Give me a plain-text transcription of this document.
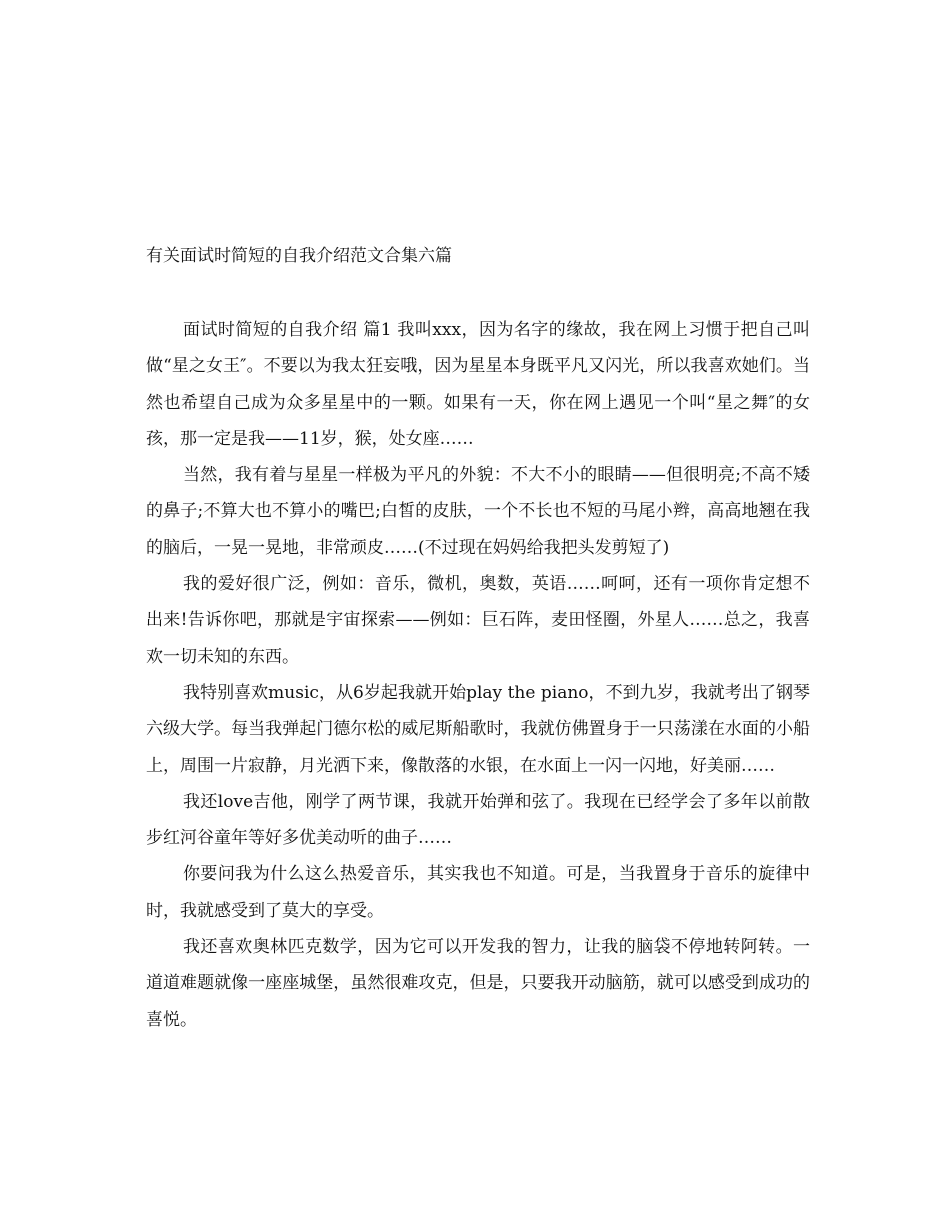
有关面试时简短的自我介绍范文合集六篇

面试时简短的自我介绍 篇1 我叫xxx，因为名字的缘故，我在网上习惯于把自己叫做“星之女王″。不要以为我太狂妄哦，因为星星本身既平凡又闪光，所以我喜欢她们。当然也希望自己成为众多星星中的一颗。如果有一天，你在网上遇见一个叫“星之舞″的女孩，那一定是我——11岁，猴，处女座……

当然，我有着与星星一样极为平凡的外貌：不大不小的眼睛——但很明亮;不高不矮的鼻子;不算大也不算小的嘴巴;白皙的皮肤，一个不长也不短的马尾小辫，高高地翘在我的脑后，一晃一晃地，非常顽皮……(不过现在妈妈给我把头发剪短了)

我的爱好很广泛，例如：音乐，微机，奥数，英语……呵呵，还有一项你肯定想不出来!告诉你吧，那就是宇宙探索——例如：巨石阵，麦田怪圈，外星人……总之，我喜欢一切未知的东西。

我特别喜欢music，从6岁起我就开始play the piano，不到九岁，我就考出了钢琴六级大学。每当我弹起门德尔松的威尼斯船歌时，我就仿佛置身于一只荡漾在水面的小船上，周围一片寂静，月光洒下来，像散落的水银，在水面上一闪一闪地，好美丽……

我还love吉他，刚学了两节课，我就开始弹和弦了。我现在已经学会了多年以前散步红河谷童年等好多优美动听的曲子……

你要问我为什么这么热爱音乐，其实我也不知道。可是，当我置身于音乐的旋律中时，我就感受到了莫大的享受。

我还喜欢奥林匹克数学，因为它可以开发我的智力，让我的脑袋不停地转阿转。一道道难题就像一座座城堡，虽然很难攻克，但是，只要我开动脑筋，就可以感受到成功的喜悦。
